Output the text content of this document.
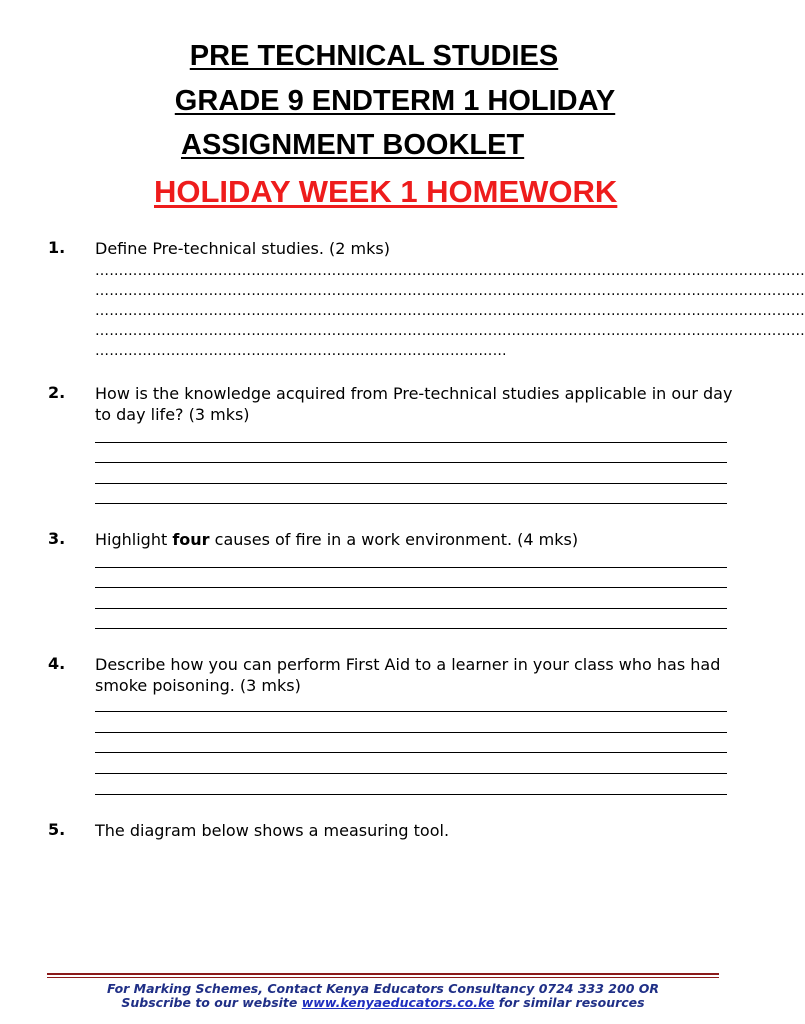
PRE TECHNICAL STUDIES
GRADE 9 ENDTERM 1 HOLIDAY
ASSIGNMENT BOOKLET
HOLIDAY WEEK 1 HOMEWORK
1. Define Pre-technical studies. (2 mks)
……………………………………………………………………………………………………………………………………
……………………………………………………………………………………………………………………………………
……………………………………………………………………………………………………………………………………
……………………………………………………………………………………………………………………………………
……………………………………………………………………………
2. How is the knowledge acquired from Pre-technical studies applicable in our day to day life? (3 mks)
3. Highlight four causes of fire in a work environment. (4 mks)
4. Describe how you can perform First Aid to a learner in your class who has had smoke poisoning. (3 mks)
5. The diagram below shows a measuring tool.
For Marking Schemes, Contact Kenya Educators Consultancy 0724 333 200 OR
Subscribe to our website www.kenyaeducators.co.ke for similar resources
